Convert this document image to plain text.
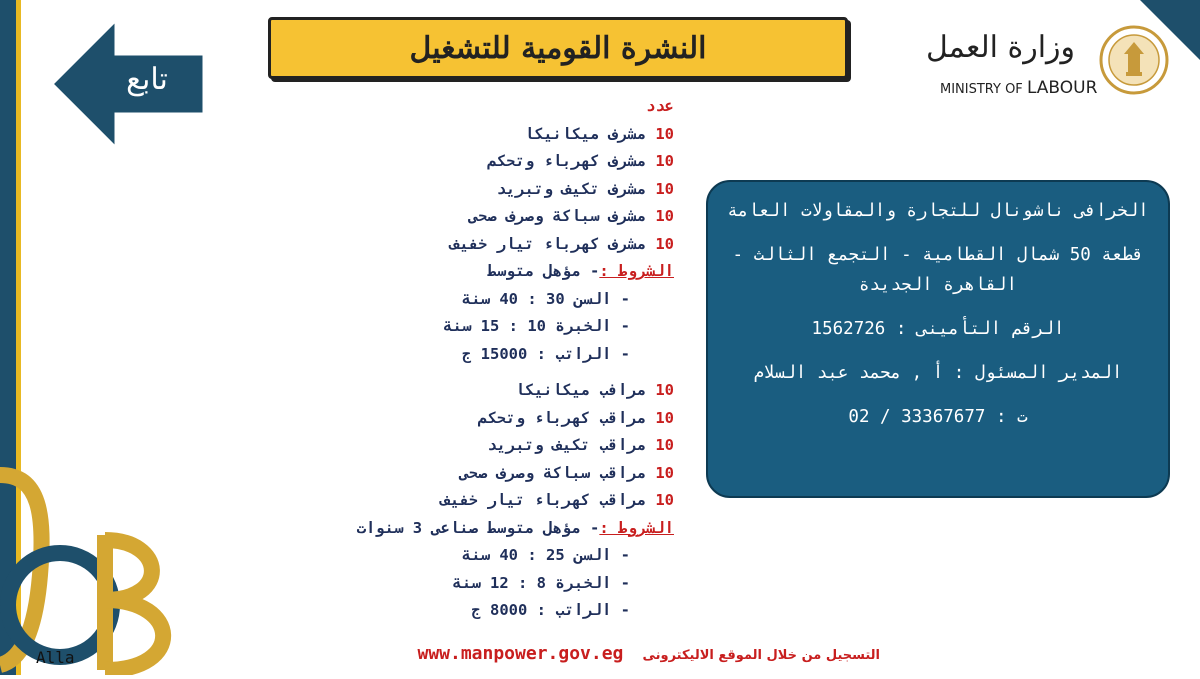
تابع
النشرة القومية للتشغيل	وزارة العمل
MINISTRY OF LABOUR
عدد
10 مشرف ميكانيكا
10 مشرف كهرباء وتحكم
10 مشرف تكيف وتبريد
10 مشرف سباكة وصرف صحى
10 مشرف كهرباء تيار خفيف
الشروط :- مؤهل متوسط
- السن 30 : 40 سنة
- الخبرة 10 : 15 سنة
- الراتب : 15000 ج
10 مرافب ميكانيكا
10 مراقب كهرباء وتحكم
10 مراقب تكيف وتبريد
10 مراقب سباكة وصرف صحى
10 مراقب كهرباء تيار خفيف
الشروط :- مؤهل متوسط صناعى 3 سنوات
- السن 25 : 40 سنة
- الخبرة 8 : 12 سنة
- الراتب : 8000 ج

الخرافى ناشونال للتجارة والمقاولات العامة

قطعة 50 شمال القطامية - التجمع الثالث - القاهرة الجديدة

الرقم التأمينى : 1562726

المدير المسئول : أ , محمد عبد السلام

ت : 33367677 / 02

Alla	التسجيل من خلال الموقع الاليكترونى www.manpower.gov.eg
